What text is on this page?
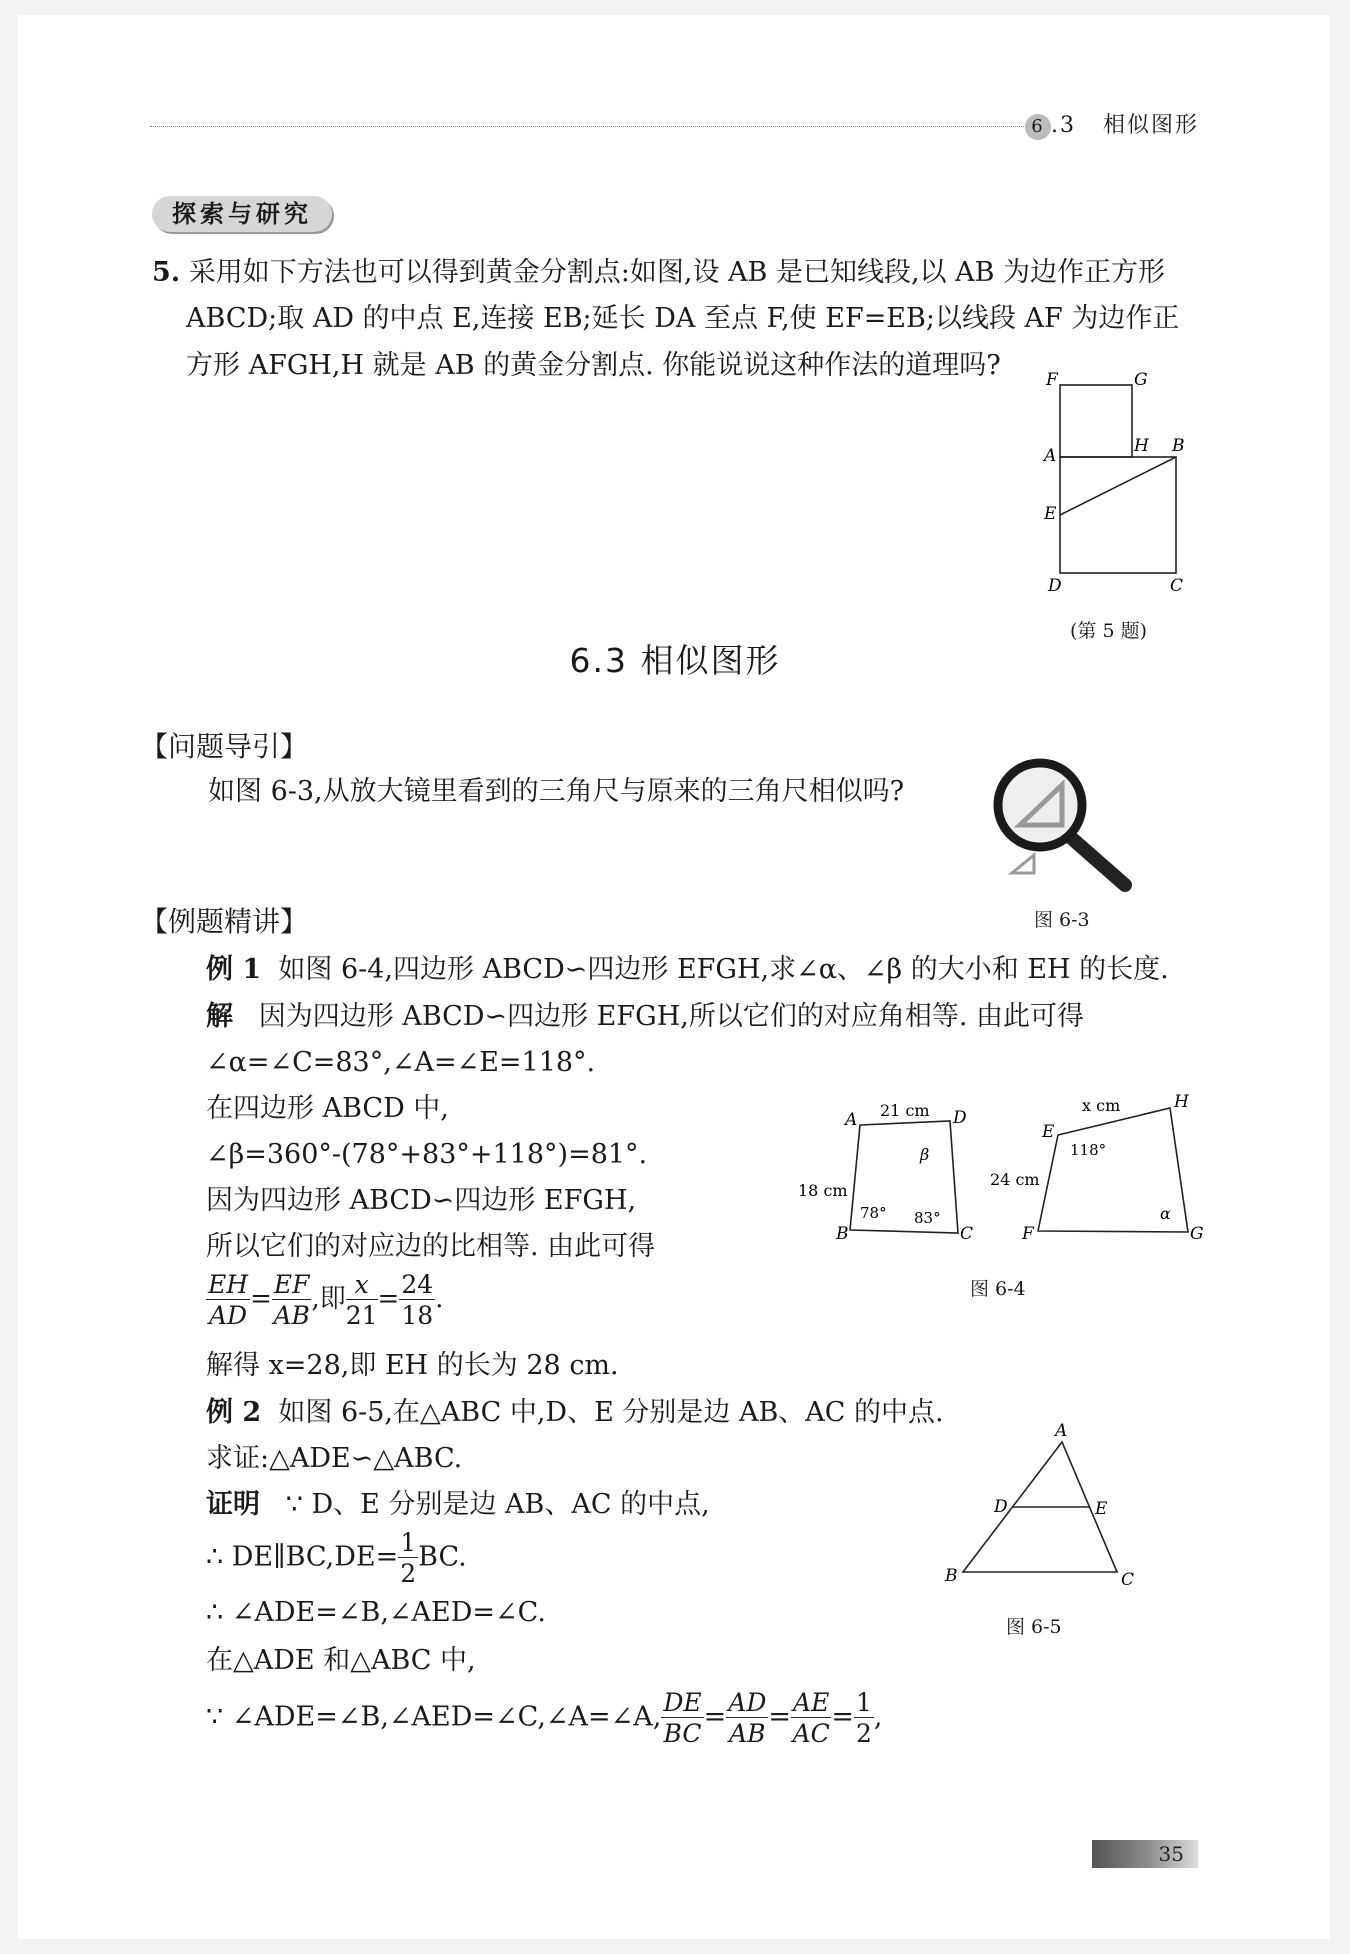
6 .3 相似图形
探索与研究
5. 采用如下方法也可以得到黄金分割点:如图,设 AB 是已知线段,以 AB 为边作正方形
ABCD;取 AD 的中点 E,连接 EB;延长 DA 至点 F,使 EF=EB;以线段 AF 为边作正
方形 AFGH,H 就是 AB 的黄金分割点. 你能说说这种作法的道理吗?	F	G
A	H B
E
D	C
(第 5 题)
6.3 相似图形
【问题导引】
如图 6-3,从放大镜里看到的三角尺与原来的三角尺相似吗?
图 6-3
【例题精讲】
例 1 如图 6-4,四边形 ABCD∽四边形 EFGH,求∠α、∠β 的大小和 EH 的长度.
解 因为四边形 ABCD∽四边形 EFGH,所以它们的对应角相等. 由此可得
∠α=∠C=83°,∠A=∠E=118°.
在四边形 ABCD 中,
∠β=360°-(78°+83°+118°)=81°.
因为四边形 ABCD∽四边形 EFGH,
所以它们的对应边的比相等. 由此可得
$\frac{EH}{AD} = \frac{EF}{AB}$ ,即 $\frac{x}{21} = \frac{24}{18}$ .
解得 x=28,即 EH 的长为 28 cm.
A
B	C
D
21 cm
18 cm
78° 83°
β
E
F	G
H
x cm
24 cm
118°
α
图 6-4
例 2 如图 6-5,在△ABC 中,D、E 分别是边 AB、AC 的中点.
求证:△ADE∽△ABC.
证明 ∵ D、E 分别是边 AB、AC 的中点,
∴ DE∥BC,DE= $\frac{1}{2}$ BC.
∴ ∠ADE=∠B,∠AED=∠C.
在△ADE 和△ABC 中,
∵ ∠ADE=∠B,∠AED=∠C,∠A=∠A, $\frac{DE}{BC} = \frac{AD}{AB} = \frac{AE}{AC} = \frac{1}{2}$ ,
A
B	C
D	E
图 6-5
35
